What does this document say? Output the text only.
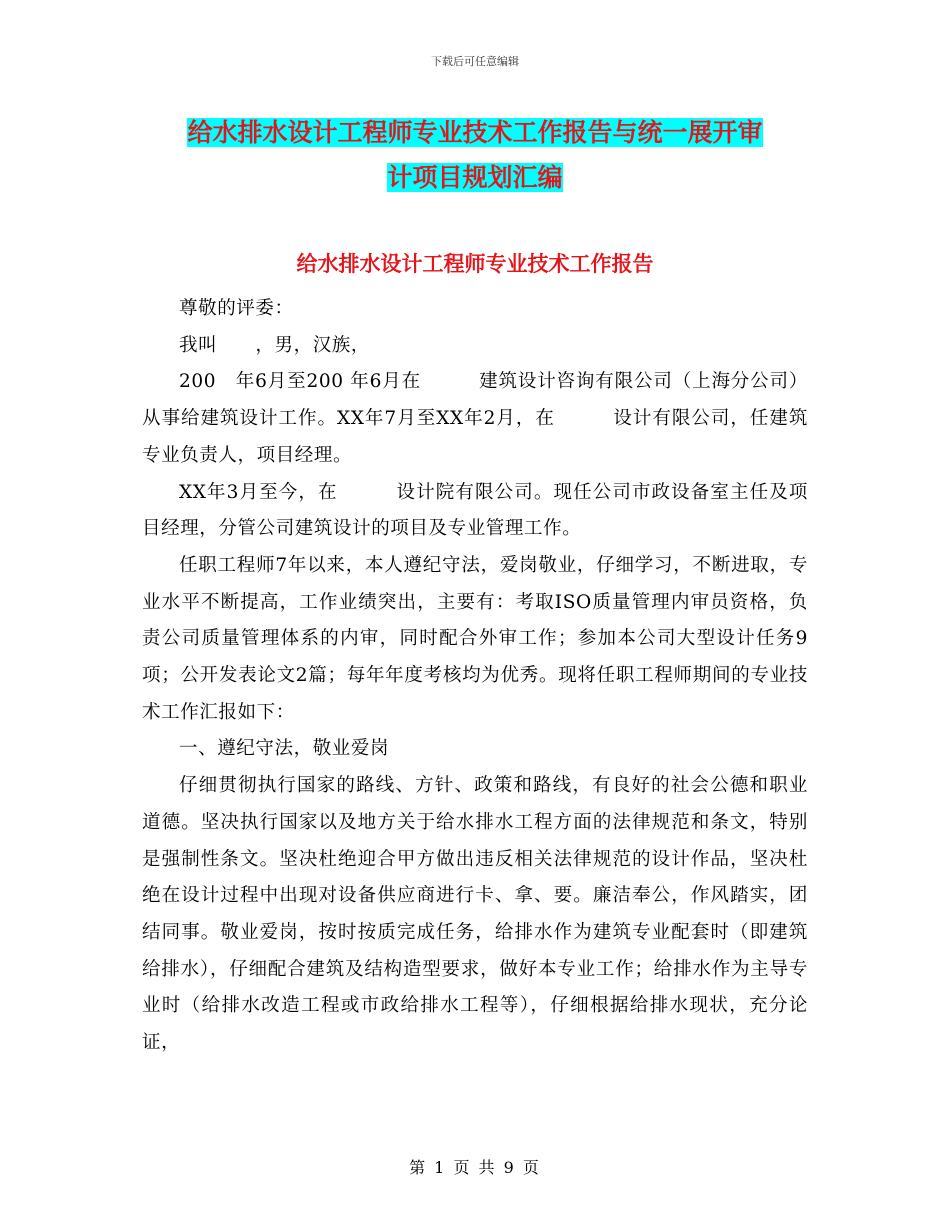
下载后可任意编辑
给水排水设计工程师专业技术工作报告与统一展开审
计项目规划汇编
给水排水设计工程师专业技术工作报告

尊敬的评委：

我叫　　，男，汉族，

200　年6月至200 年6月在　　　建筑设计咨询有限公司（上海分公司）从事给建筑设计工作。XX年7月至XX年2月，在　　　设计有限公司，任建筑专业负责人，项目经理。

XX年3月至今，在　　　设计院有限公司。现任公司市政设备室主任及项目经理，分管公司建筑设计的项目及专业管理工作。

任职工程师7年以来，本人遵纪守法，爱岗敬业，仔细学习，不断进取，专业水平不断提高，工作业绩突出，主要有：考取ISO质量管理内审员资格，负责公司质量管理体系的内审，同时配合外审工作；参加本公司大型设计任务9项；公开发表论文2篇；每年年度考核均为优秀。现将任职工程师期间的专业技术工作汇报如下：

一、遵纪守法，敬业爱岗

仔细贯彻执行国家的路线、方针、政策和路线，有良好的社会公德和职业道德。坚决执行国家以及地方关于给水排水工程方面的法律规范和条文，特别是强制性条文。坚决杜绝迎合甲方做出违反相关法律规范的设计作品，坚决杜绝在设计过程中出现对设备供应商进行卡、拿、要。廉洁奉公，作风踏实，团结同事。敬业爱岗，按时按质完成任务，给排水作为建筑专业配套时（即建筑给排水），仔细配合建筑及结构造型要求，做好本专业工作；给排水作为主导专业时（给排水改造工程或市政给排水工程等），仔细根据给排水现状，充分论证，

第 1 页 共 9 页
